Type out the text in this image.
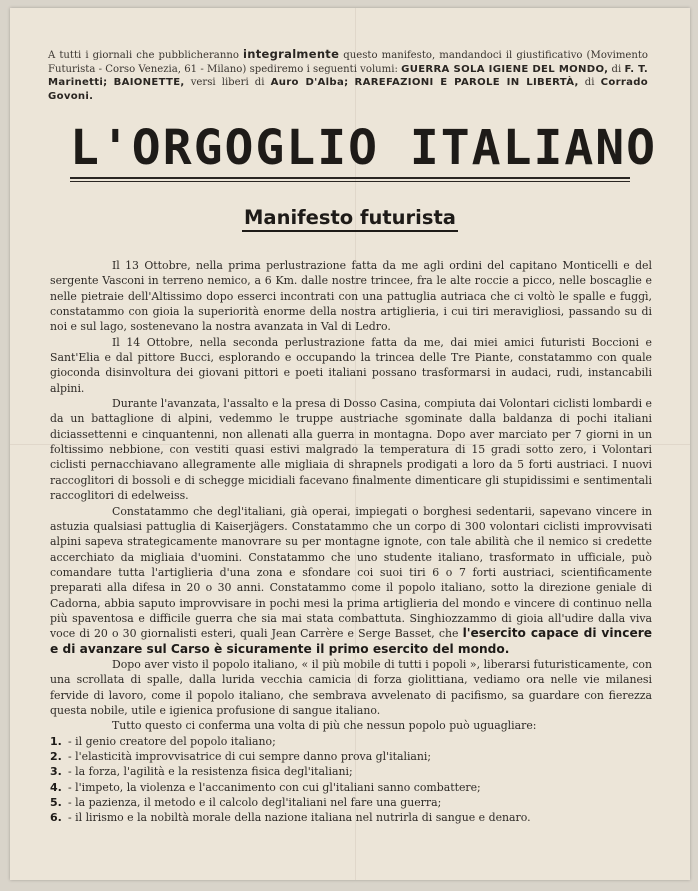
A tutti i giornali che pubblicheranno integralmente questo manifesto, mandandoci il giustificativo (Movimento Futurista - Corso Venezia, 61 - Milano) spediremo i seguenti volumi: GUERRA SOLA IGIENE DEL MONDO, di F. T. Marinetti; BAIONETTE, versi liberi di Auro D'Alba; RAREFAZIONI E PAROLE IN LIBERTÀ, di Corrado Govoni.
L'ORGOGLIO ITALIANO
Manifesto futurista

Il 13 Ottobre, nella prima perlustrazione fatta da me agli ordini del capitano Monticelli e del sergente Vasconi in terreno nemico, a 6 Km. dalle nostre trincee, fra le alte roccie a picco, nelle boscaglie e nelle pietraie dell'Altissimo dopo esserci incontrati con una pattuglia autriaca che ci voltò le spalle e fuggì, constatammo con gioia la superiorità enorme della nostra artiglieria, i cui tiri meravigliosi, passando su di noi e sul lago, sostenevano la nostra avanzata in Val di Ledro.

Il 14 Ottobre, nella seconda perlustrazione fatta da me, dai miei amici futuristi Boccioni e Sant'Elia e dal pittore Bucci, esplorando e occupando la trincea delle Tre Piante, constatammo con quale gioconda disinvoltura dei giovani pittori e poeti italiani possano trasformarsi in audaci, rudi, instancabili alpini.

Durante l'avanzata, l'assalto e la presa di Dosso Casina, compiuta dai Volontari ciclisti lombardi e da un battaglione di alpini, vedemmo le truppe austriache sgominate dalla baldanza di pochi italiani diciassettenni e cinquantenni, non allenati alla guerra in montagna. Dopo aver marciato per 7 giorni in un foltissimo nebbione, con vestiti quasi estivi malgrado la temperatura di 15 gradi sotto zero, i Volontari ciclisti pernacchiavano allegramente alle migliaia di shrapnels prodigati a loro da 5 forti austriaci. I nuovi raccoglitori di bossoli e di schegge micidiali facevano finalmente dimenticare gli stupidissimi e sentimentali raccoglitori di edelweiss.

Constatammo che degl'italiani, già operai, impiegati o borghesi sedentarii, sapevano vincere in astuzia qualsiasi pattuglia di Kaiserjägers. Constatammo che un corpo di 300 volontari ciclisti improvvisati alpini sapeva strategicamente manovrare su per montagne ignote, con tale abilità che il nemico si credette accerchiato da migliaia d'uomini. Constatammo che uno studente italiano, trasformato in ufficiale, può comandare tutta l'artiglieria d'una zona e sfondare coi suoi tiri 6 o 7 forti austriaci, scientificamente preparati alla difesa in 20 o 30 anni. Constatammo come il popolo italiano, sotto la direzione geniale di Cadorna, abbia saputo improvvisare in pochi mesi la prima artiglieria del mondo e vincere di continuo nella più spaventosa e difficile guerra che sia mai stata combattuta. Singhiozzammo di gioia all'udire dalla viva voce di 20 o 30 giornalisti esteri, quali Jean Carrère e Serge Basset, che l'esercito capace di vincere e di avanzare sul Carso è sicuramente il primo esercito del mondo.

Dopo aver visto il popolo italiano, « il più mobile di tutti i popoli », liberarsi futuristicamente, con una scrollata di spalle, dalla lurida vecchia camicia di forza giolittiana, vediamo ora nelle vie milanesi fervide di lavoro, come il popolo italiano, che sembrava avvelenato di pacifismo, sa guardare con fierezza questa nobile, utile e igienica profusione di sangue italiano.

Tutto questo ci conferma una volta di più che nessun popolo può uguagliare:

1. - il genio creatore del popolo italiano;
2. - l'elasticità improvvisatrice di cui sempre danno prova gl'italiani;
3. - la forza, l'agilità e la resistenza fisica degl'italiani;
4. - l'impeto, la violenza e l'accanimento con cui gl'italiani sanno combattere;
5. - la pazienza, il metodo e il calcolo degl'italiani nel fare una guerra;
6. - il lirismo e la nobiltà morale della nazione italiana nel nutrirla di sangue e denaro.
